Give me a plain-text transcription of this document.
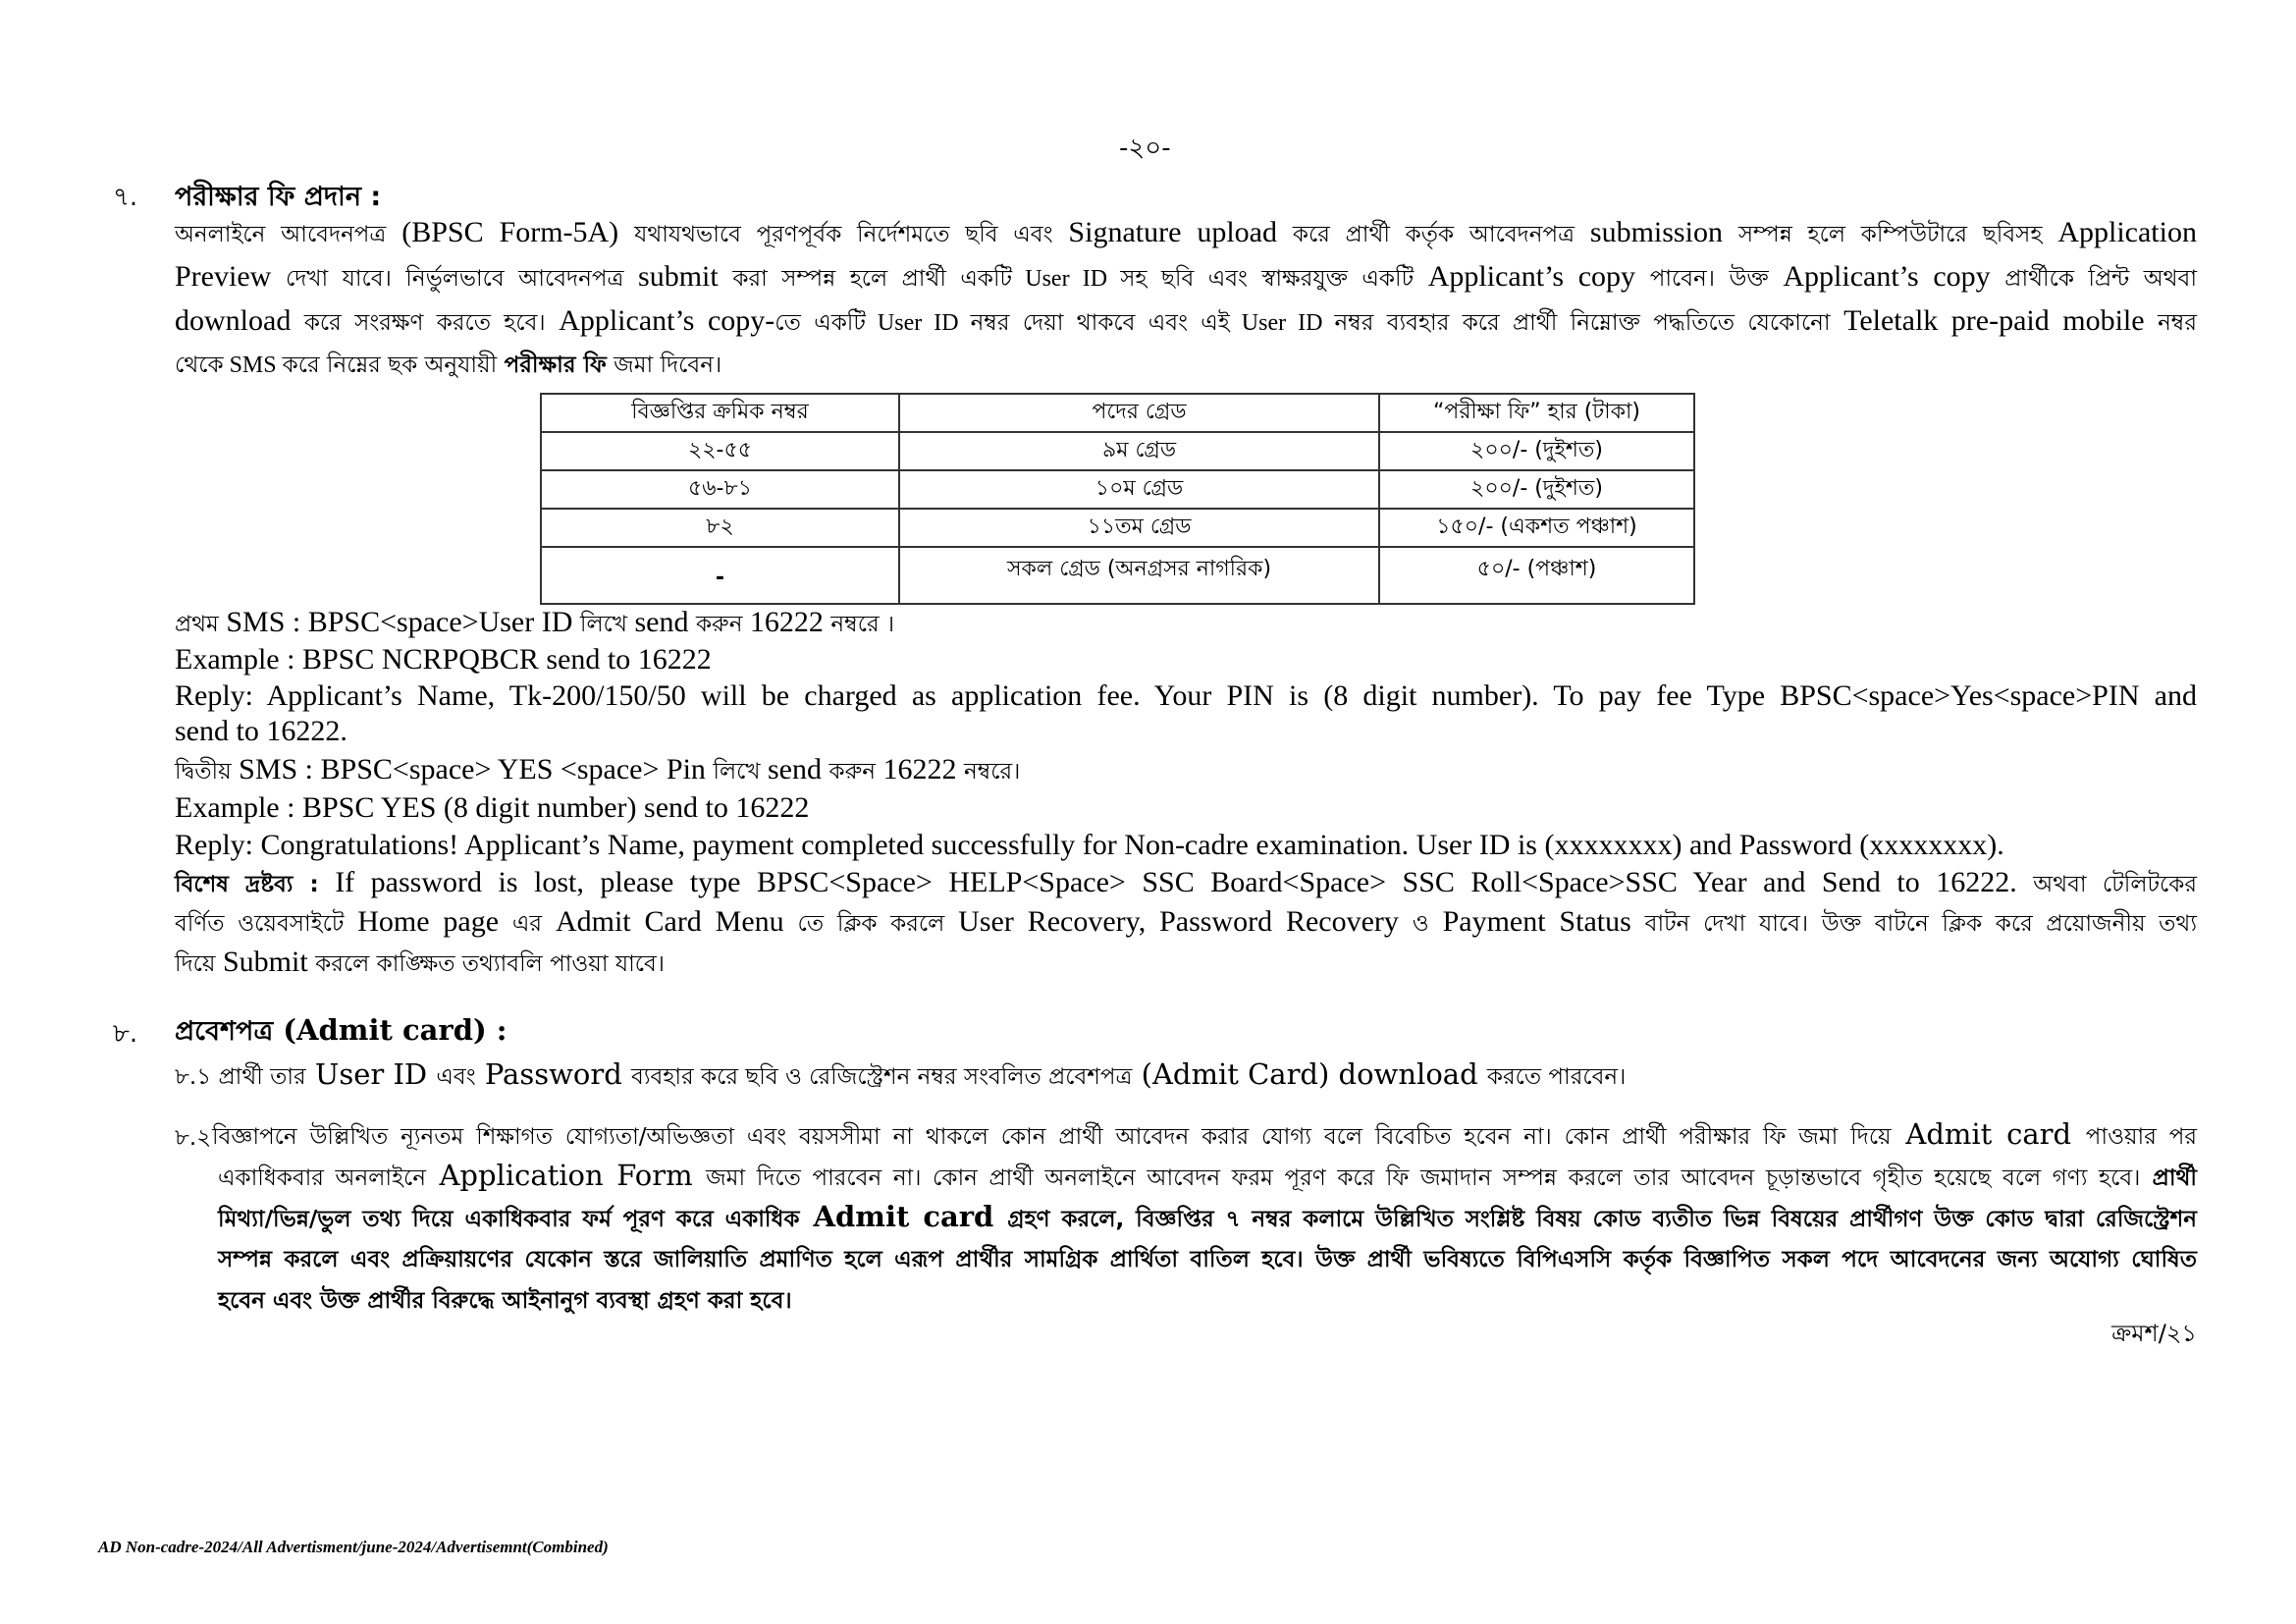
-২০-
৭. পরীক্ষার ফি প্রদান :
অনলাইনে আবেদনপত্র (BPSC Form-5A) যথাযথভাবে পূরণপূর্বক নির্দেশমতে ছবি এবং Signature upload করে প্রার্থী কর্তৃক আবেদনপত্র submission সম্পন্ন হলে কম্পিউটারে ছবিসহ Application
Preview দেখা যাবে। নির্ভুলভাবে আবেদনপত্র submit করা সম্পন্ন হলে প্রার্থী একটি User ID সহ ছবি এবং স্বাক্ষরযুক্ত একটি Applicant’s copy পাবেন। উক্ত Applicant’s copy প্রার্থীকে প্রিন্ট অথবা
download করে সংরক্ষণ করতে হবে। Applicant’s copy-তে একটি User ID নম্বর দেয়া থাকবে এবং এই User ID নম্বর ব্যবহার করে প্রার্থী নিম্নোক্ত পদ্ধতিতে যেকোনো Teletalk pre-paid mobile নম্বর
থেকে SMS করে নিম্নের ছক অনুযায়ী পরীক্ষার ফি জমা দিবেন।
বিজ্ঞপ্তির ক্রমিক নম্বর	পদের গ্রেড	“পরীক্ষা ফি” হার (টাকা)
২২-৫৫	৯ম গ্রেড	২০০/- (দুইশত)
৫৬-৮১	১০ম গ্রেড	২০০/- (দুইশত)
৮২	১১তম গ্রেড	১৫০/- (একশত পঞ্চাশ)
-	সকল গ্রেড (অনগ্রসর নাগরিক)	৫০/- (পঞ্চাশ)
প্রথম SMS : BPSC<space>User ID লিখে send করুন 16222 নম্বরে ।
Example : BPSC NCRPQBCR send to 16222
Reply: Applicant’s Name, Tk-200/150/50 will be charged as application fee. Your PIN is (8 digit number). To pay fee Type BPSC<space>Yes<space>PIN and
send to 16222.
দ্বিতীয় SMS : BPSC<space> YES <space> Pin লিখে send করুন 16222 নম্বরে।
Example : BPSC YES (8 digit number) send to 16222
Reply: Congratulations! Applicant’s Name, payment completed successfully for Non-cadre examination. User ID is (xxxxxxxx) and Password (xxxxxxxx).
বিশেষ দ্রষ্টব্য : If password is lost, please type BPSC<Space> HELP<Space> SSC Board<Space> SSC Roll<Space>SSC Year and Send to 16222. অথবা টেলিটকের
বর্ণিত ওয়েবসাইটে Home page এর Admit Card Menu তে ক্লিক করলে User Recovery, Password Recovery ও Payment Status বাটন দেখা যাবে। উক্ত বাটনে ক্লিক করে প্রয়োজনীয় তথ্য
দিয়ে Submit করলে কাঙ্ক্ষিত তথ্যাবলি পাওয়া যাবে।
৮. প্রবেশপত্র (Admit card) :
৮.১ প্রার্থী তার User ID এবং Password ব্যবহার করে ছবি ও রেজিস্ট্রেশন নম্বর সংবলিত প্রবেশপত্র (Admit Card) download করতে পারবেন।
৮.২ বিজ্ঞাপনে উল্লিখিত ন্যূনতম শিক্ষাগত যোগ্যতা/অভিজ্ঞতা এবং বয়সসীমা না থাকলে কোন প্রার্থী আবেদন করার যোগ্য বলে বিবেচিত হবেন না। কোন প্রার্থী পরীক্ষার ফি জমা দিয়ে Admit card পাওয়ার পর
একাধিকবার অনলাইনে Application Form জমা দিতে পারবেন না। কোন প্রার্থী অনলাইনে আবেদন ফরম পূরণ করে ফি জমাদান সম্পন্ন করলে তার আবেদন চূড়ান্তভাবে গৃহীত হয়েছে বলে গণ্য হবে। প্রার্থী
মিথ্যা/ভিন্ন/ভুল তথ্য দিয়ে একাধিকবার ফর্ম পূরণ করে একাধিক Admit card গ্রহণ করলে, বিজ্ঞপ্তির ৭ নম্বর কলামে উল্লিখিত সংশ্লিষ্ট বিষয় কোড ব্যতীত ভিন্ন বিষয়ের প্রার্থীগণ উক্ত কোড দ্বারা রেজিস্ট্রেশন
সম্পন্ন করলে এবং প্রক্রিয়ায়ণের যেকোন স্তরে জালিয়াতি প্রমাণিত হলে এরূপ প্রার্থীর সামগ্রিক প্রার্থিতা বাতিল হবে। উক্ত প্রার্থী ভবিষ্যতে বিপিএসসি কর্তৃক বিজ্ঞাপিত সকল পদে আবেদনের জন্য অযোগ্য ঘোষিত
হবেন এবং উক্ত প্রার্থীর বিরুদ্ধে আইনানুগ ব্যবস্থা গ্রহণ করা হবে।
ক্রমশ/২১
AD Non-cadre-2024/All Advertisment/june-2024/Advertisemnt(Combined)
